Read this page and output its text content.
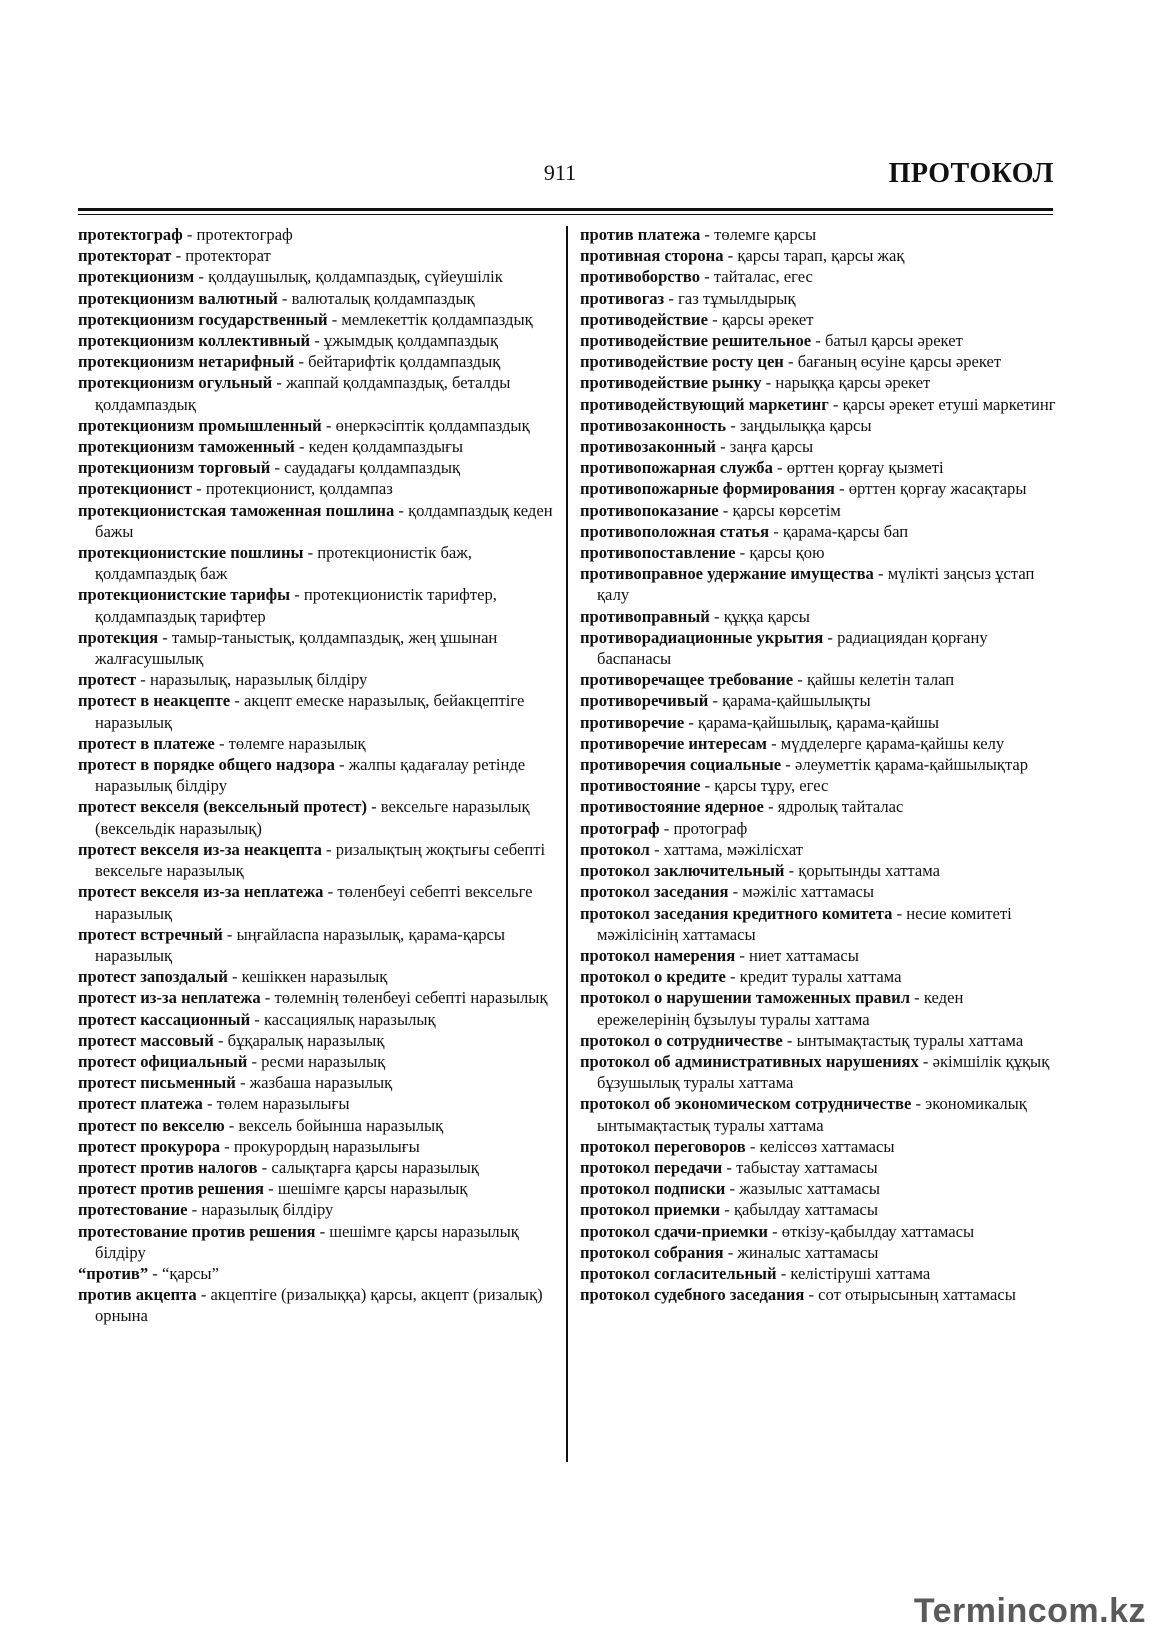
911	ПРОТОКОЛ
протектограф - протектограф
протекторат - протекторат
протекционизм - қолдаушылық, қолдампаздық, сүйеушілік
протекционизм валютный - валюталық қолдампаздық
протекционизм государственный - мемлекеттік қолдампаздық
протекционизм коллективный - ұжымдық қолдампаздық
протекционизм нетарифный - бейтарифтік қолдампаздық
протекционизм огульный - жаппай қолдампаздық, беталды қолдампаздық
протекционизм промышленный - өнеркәсіптік қолдампаздық
протекционизм таможенный - кеден қолдампаздығы
протекционизм торговый - саудадағы қолдампаздық
протекционист - протекционист, қолдампаз
протекционистская таможенная пошлина - қолдампаздық кеден бажы
протекционистские пошлины - протекционистік баж, қолдампаздық баж
протекционистские тарифы - протекционистік тарифтер, қолдампаздық тарифтер
протекция - тамыр-таныстық, қолдампаздық, жең ұшынан жалғасушылық
протест - наразылық, наразылық білдіру
протест в неакцепте - акцепт емеске наразылық, бейакцептіге наразылық
протест в платеже - төлемге наразылық
протест в порядке общего надзора - жалпы қадағалау ретінде наразылық білдіру
протест векселя (вексельный протест) - вексельге наразылық (вексельдік наразылық)
протест векселя из-за неакцепта - ризалықтың жоқтығы себепті вексельге наразылық
протест векселя из-за неплатежа - төленбеуі себепті вексельге наразылық
протест встречный - ыңғайласпа наразылық, қарама-қарсы наразылық
протест запоздалый - кешіккен наразылық
протест из-за неплатежа - төлемнің төленбеуі себепті наразылық
протест кассационный - кассациялық наразылық
протест массовый - бұқаралық наразылық
протест официальный - ресми наразылық
протест письменный - жазбаша наразылық
протест платежа - төлем наразылығы
протест по векселю - вексель бойынша наразылық
протест прокурора - прокурордың наразылығы
протест против налогов - салықтарға қарсы наразылық
протест против решения - шешімге қарсы наразылық
протестование - наразылық білдіру
протестование против решения - шешімге қарсы наразылық білдіру
“против” - “қарсы”
против акцепта - акцептіге (ризалыққа) қарсы, акцепт (ризалық) орнына
против платежа - төлемге қарсы
противная сторона - қарсы тарап, қарсы жақ
противоборство - тайталас, егес
противогаз - газ тұмылдырық
противодействие - қарсы әрекет
противодействие решительное - батыл қарсы әрекет
противодействие росту цен - бағаның өсуіне қарсы әрекет
противодействие рынку - нарыққа қарсы әрекет
противодействующий маркетинг - қарсы әрекет етуші маркетинг
противозаконность - заңдылыққа қарсы
противозаконный - заңға қарсы
противопожарная служба - өрттен қорғау қызметі
противопожарные формирования - өрттен қорғау жасақтары
противопоказание - қарсы көрсетім
противоположная статья - қарама-қарсы бап
противопоставление - қарсы қою
противоправное удержание имущества - мүлікті заңсыз ұстап қалу
противоправный - құққа қарсы
противорадиационные укрытия - радиациядан қорғану баспанасы
противоречащее требование - қайшы келетін талап
противоречивый - қарама-қайшылықты
противоречие - қарама-қайшылық, қарама-қайшы
противоречие интересам - мүдделерге қарама-қайшы келу
противоречия социальные - әлеуметтік қарама-қайшылықтар
противостояние - қарсы тұру, егес
противостояние ядерное - ядролық тайталас
протограф - протограф
протокол - хаттама, мәжілісхат
протокол заключительный - қорытынды хаттама
протокол заседания - мәжіліс хаттамасы
протокол заседания кредитного комитета - несие комитеті мәжілісінің хаттамасы
протокол намерения - ниет хаттамасы
протокол о кредите - кредит туралы хаттама
протокол о нарушении таможенных правил - кеден ережелерінің бұзылуы туралы хаттама
протокол о сотрудничестве - ынтымақтастық туралы хаттама
протокол об административных нарушениях - әкімшілік құқық бұзушылық туралы хаттама
протокол об экономическом сотрудничестве - экономикалық ынтымақтастық туралы хаттама
протокол переговоров - келіссөз хаттамасы
протокол передачи - табыстау хаттамасы
протокол подписки - жазылыс хаттамасы
протокол приемки - қабылдау хаттамасы
протокол сдачи-приемки - өткізу-қабылдау хаттамасы
протокол собрания - жиналыс хаттамасы
протокол согласительный - келістіруші хаттама
протокол судебного заседания - сот отырысының хаттамасы
Termincom.kz
